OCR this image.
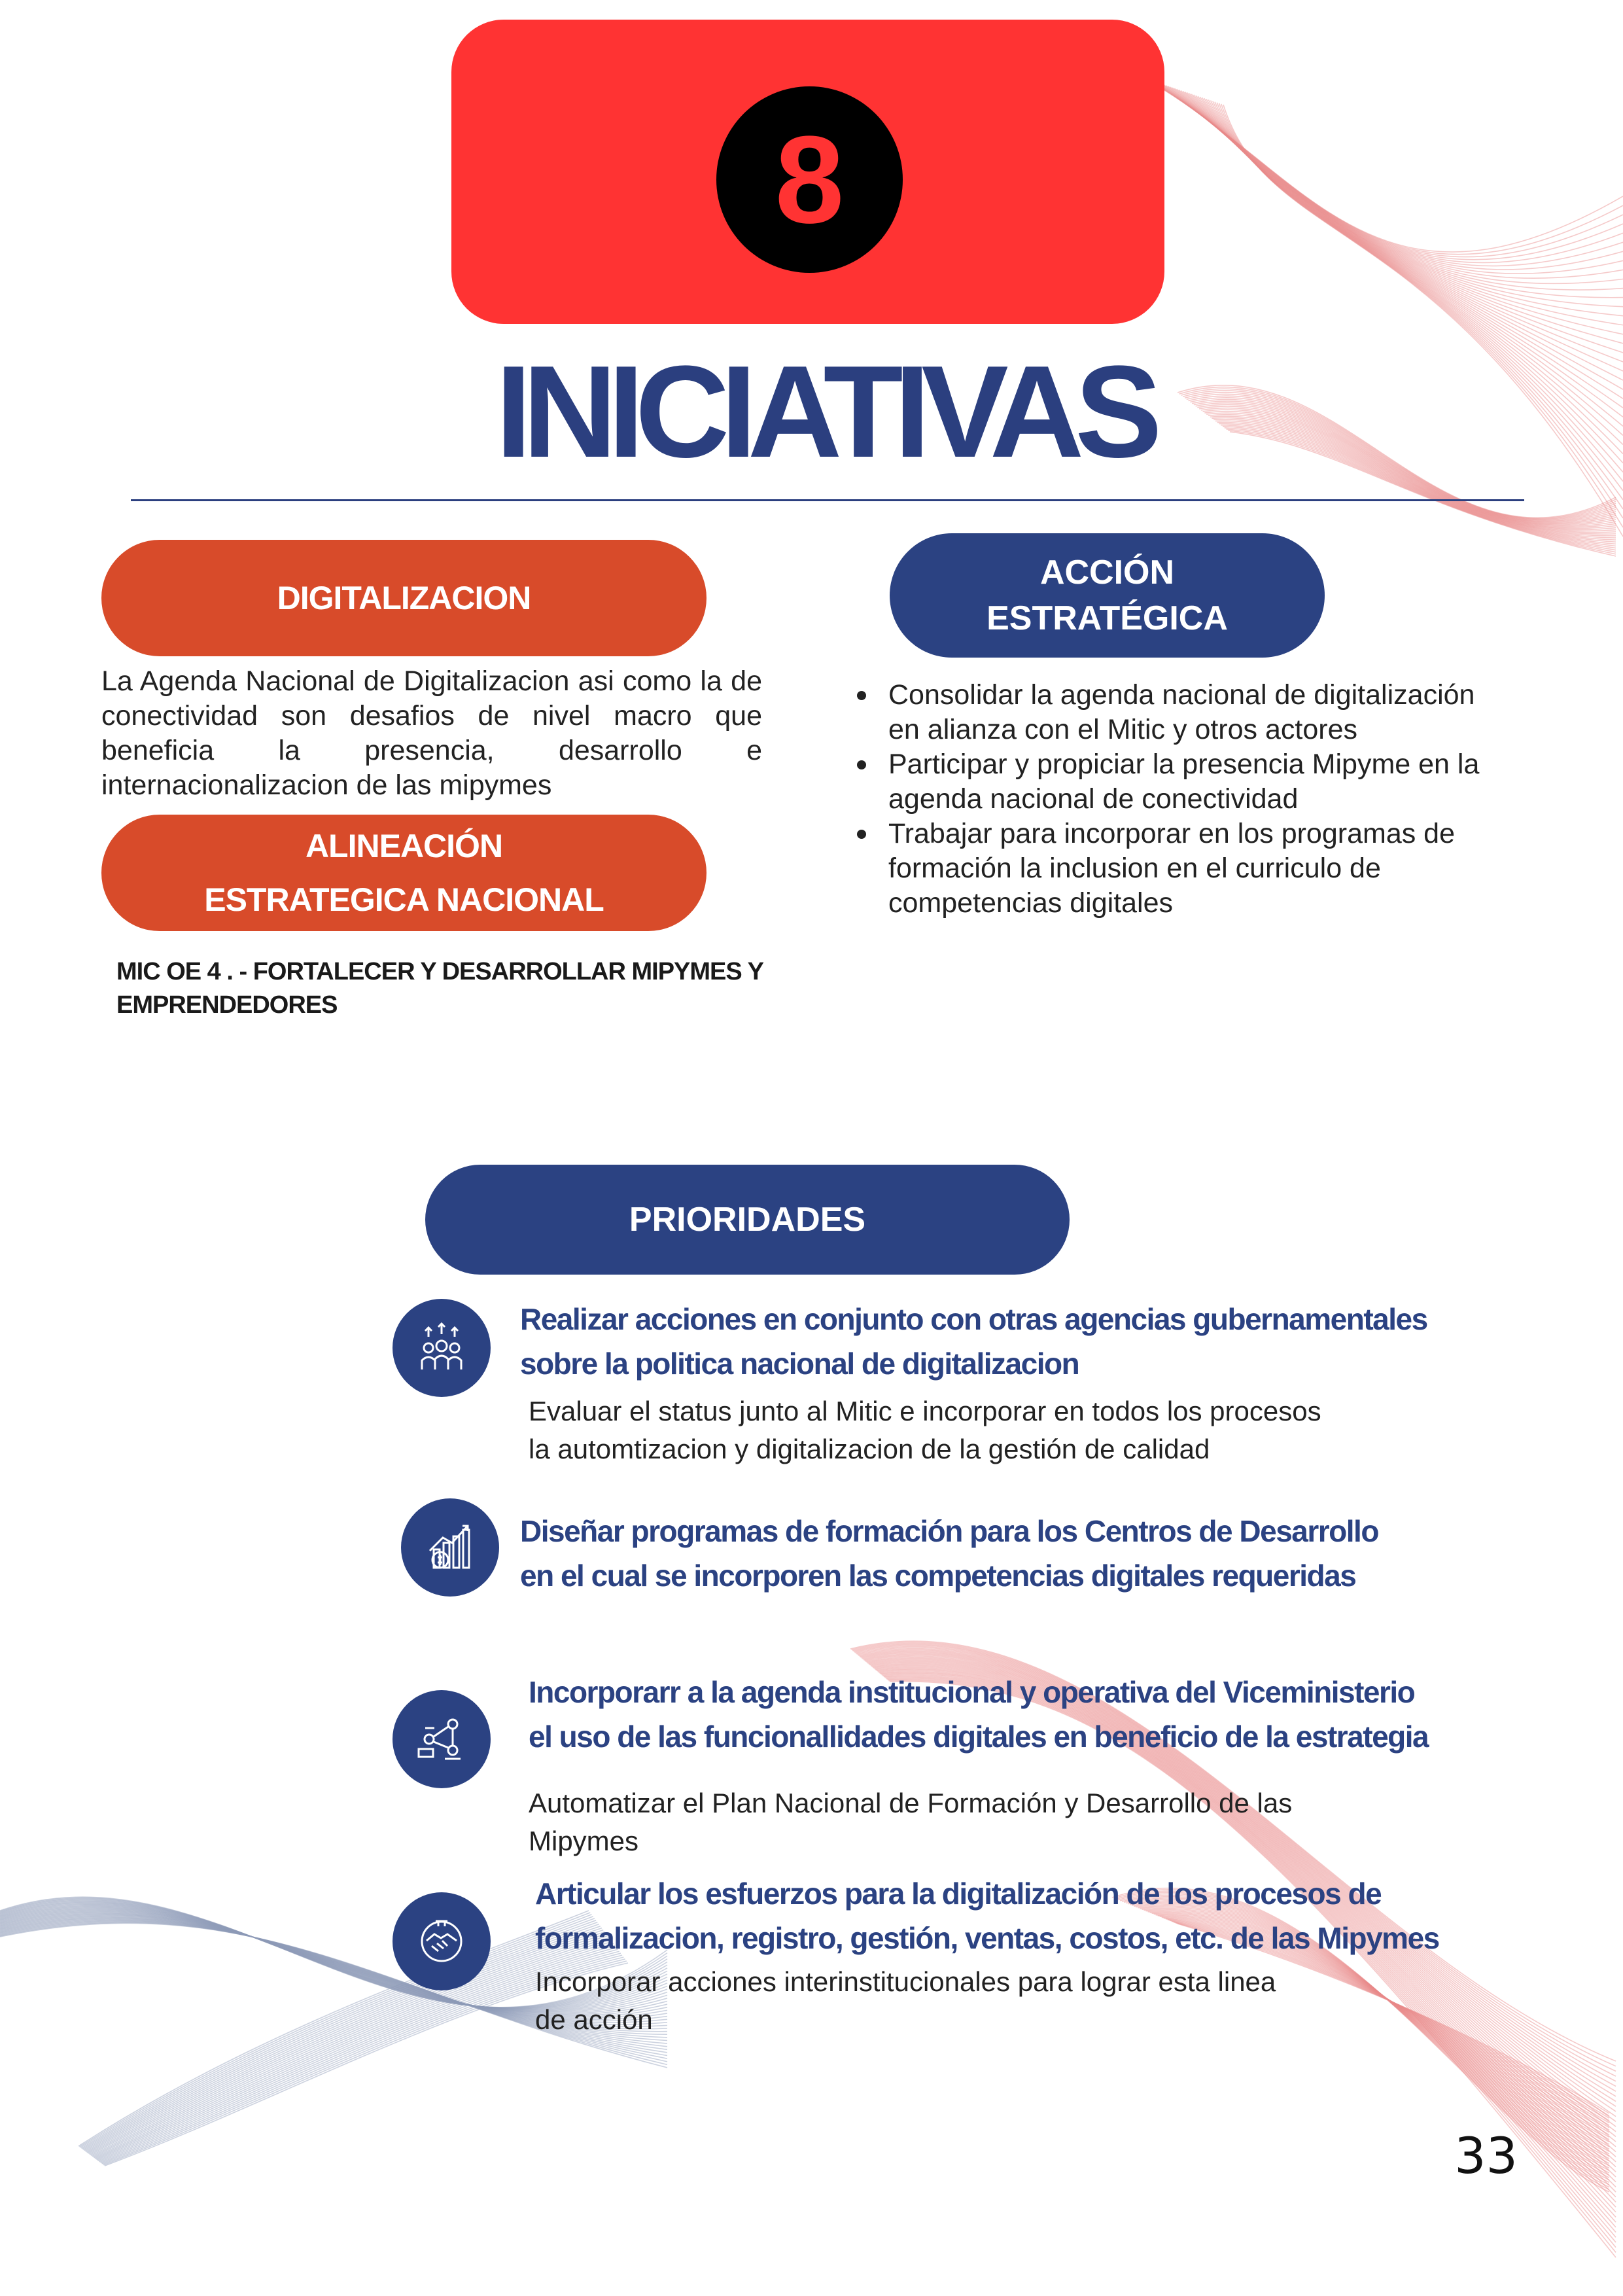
8
INICIATIVAS
DIGITALIZACION
La Agenda Nacional de Digitalizacion asi como la de conectividad son desafios de nivel macro que beneficia la presencia, desarrollo e internacionalizacion de las mipymes
ALINEACIÓN
ESTRATEGICA NACIONAL
MIC OE 4 . - FORTALECER Y DESARROLLAR MIPYMES Y
EMPRENDEDORES
ACCIÓN
ESTRATÉGICA
Consolidar la agenda nacional de digitalización
en alianza con el Mitic y otros actores
Participar y propiciar la presencia Mipyme en la
agenda nacional de conectividad
Trabajar para incorporar en los programas de
formación la inclusion en el curriculo de
competencias digitales
PRIORIDADES
Realizar acciones en conjunto con otras agencias gubernamentales
sobre la politica nacional de digitalizacion
Evaluar el status junto al Mitic e incorporar en todos los procesos
la automtizacion y digitalizacion de la gestión de calidad
Diseñar programas de formación para los Centros de Desarrollo
en el cual se incorporen las competencias digitales requeridas
Incorporarr a la agenda institucional y operativa del Viceministerio
el uso de las funcionallidades digitales en beneficio de la estrategia
Automatizar el Plan Nacional de Formación y Desarrollo de las
Mipymes
Articular los esfuerzos para la digitalización de los procesos de
formalizacion, registro, gestión, ventas, costos, etc. de las Mipymes
Incorporar acciones interinstitucionales para lograr esta linea
de acción
33
